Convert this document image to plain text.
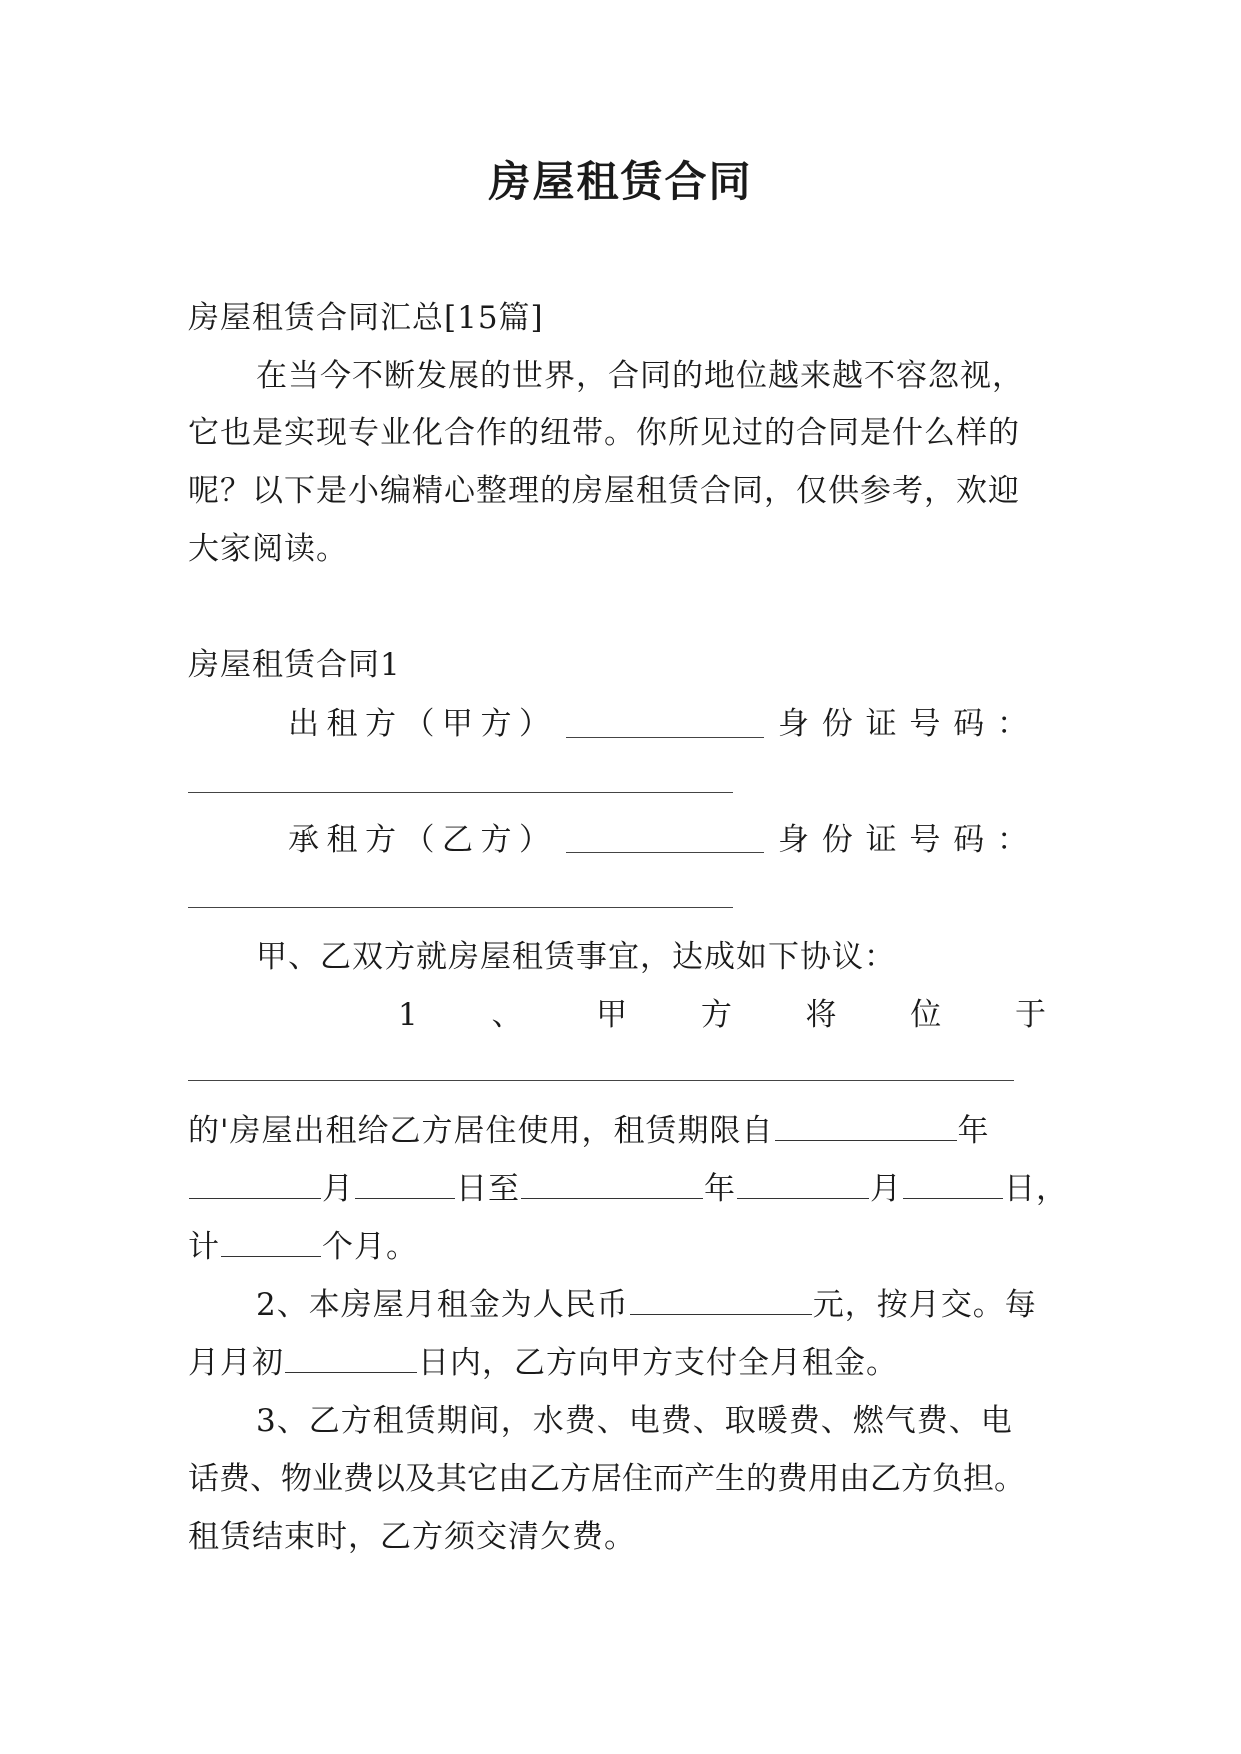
房屋租赁合同
房屋租赁合同汇总[15篇]
在当今不断发展的世界，合同的地位越来越不容忽视，
它也是实现专业化合作的纽带。你所见过的合同是什么样的
呢？以下是小编精心整理的房屋租赁合同，仅供参考，欢迎
大家阅读。
房屋租赁合同1
出 租 方 （ 甲 方 ）	身 份 证 号 码 ：
承 租 方 （ 乙 方 ）	身 份 证 号 码 ：
甲、乙双方就房屋租赁事宜，达成如下协议：
1 、 甲 方 将 位 于
的'房屋出租给乙方居住使用，租赁期限自	年
月	日至	年	月	日，
计	个月。
2、本房屋月租金为人民币	元，按月交。每
月月初	日内，乙方向甲方支付全月租金。
3、乙方租赁期间，水费、电费、取暖费、燃气费、电
话费、物业费以及其它由乙方居住而产生的费用由乙方负担。
租赁结束时，乙方须交清欠费。
